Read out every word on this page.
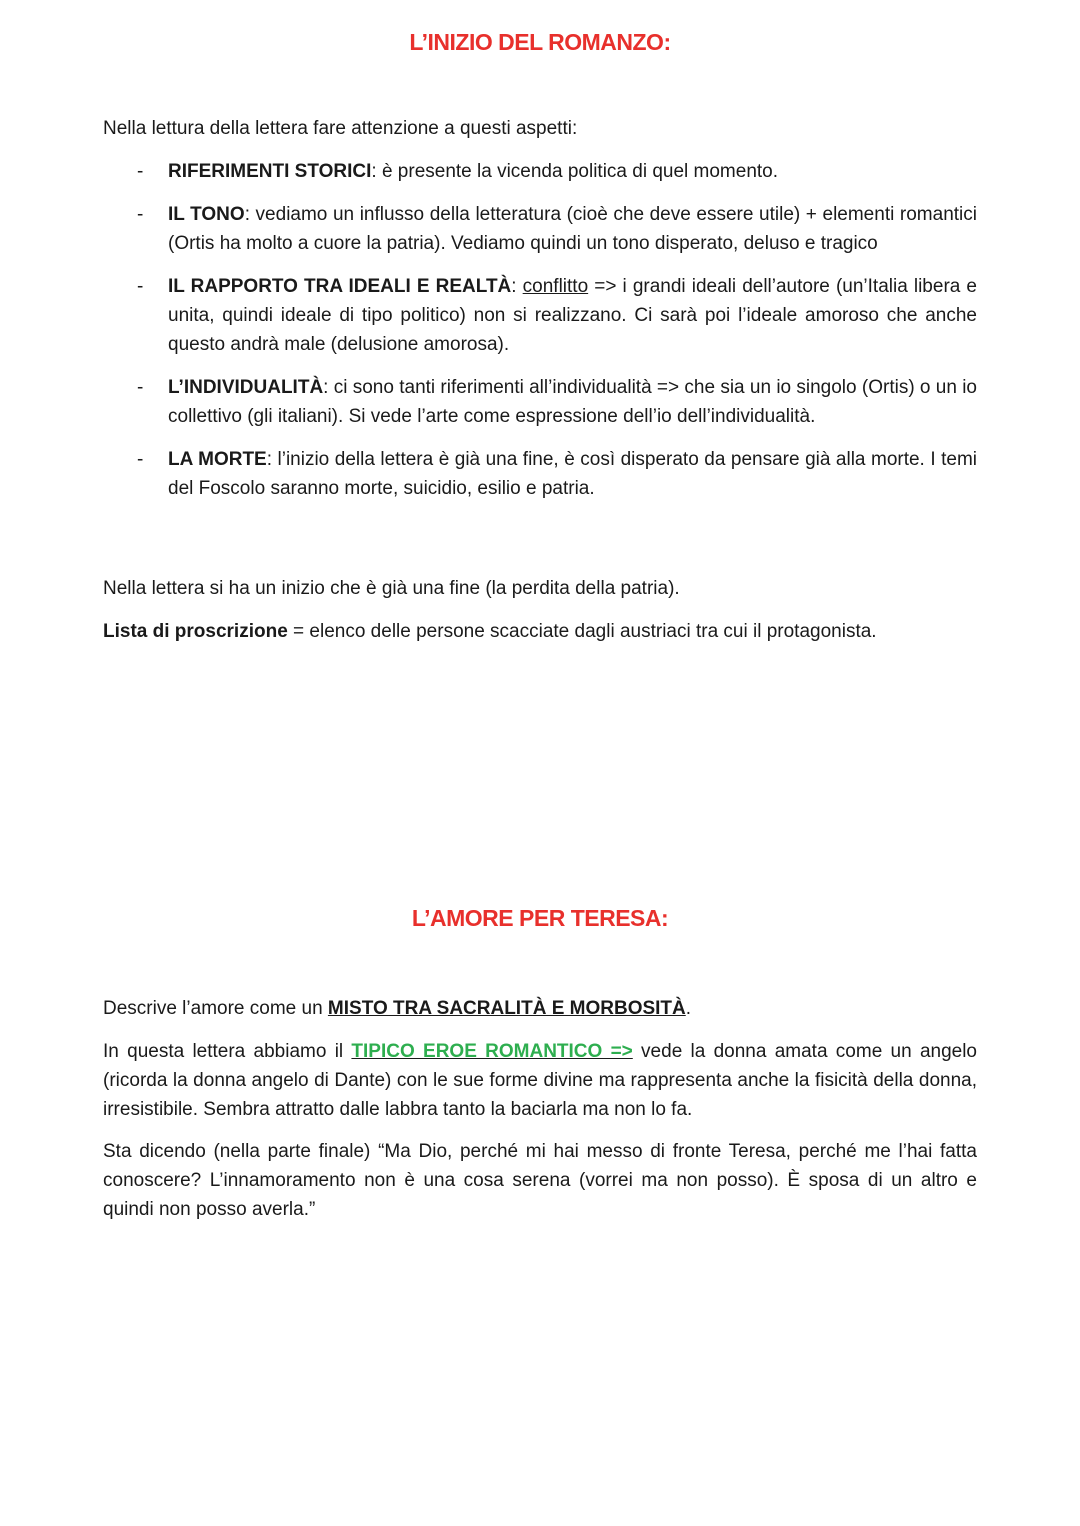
L’INIZIO DEL ROMANZO:
Nella lettura della lettera fare attenzione a questi aspetti:
- RIFERIMENTI STORICI: è presente la vicenda politica di quel momento.
- IL TONO: vediamo un influsso della letteratura (cioè che deve essere utile) + elementi romantici (Ortis ha molto a cuore la patria). Vediamo quindi un tono disperato, deluso e tragico
- IL RAPPORTO TRA IDEALI E REALTÀ: conflitto => i grandi ideali dell’autore (un’Italia libera e unita, quindi ideale di tipo politico) non si realizzano. Ci sarà poi l’ideale amoroso che anche questo andrà male (delusione amorosa).
- L’INDIVIDUALITÀ: ci sono tanti riferimenti all’individualità => che sia un io singolo (Ortis) o un io collettivo (gli italiani). Si vede l’arte come espressione dell’io dell’individualità.
- LA MORTE: l’inizio della lettera è già una fine, è così disperato da pensare già alla morte. I temi del Foscolo saranno morte, suicidio, esilio e patria.
Nella lettera si ha un inizio che è già una fine (la perdita della patria).
Lista di proscrizione = elenco delle persone scacciate dagli austriaci tra cui il protagonista.
L’AMORE PER TERESA:
Descrive l’amore come un MISTO TRA SACRALITÀ E MORBOSITÀ.
In questa lettera abbiamo il TIPICO EROE ROMANTICO => vede la donna amata come un angelo (ricorda la donna angelo di Dante) con le sue forme divine ma rappresenta anche la fisicità della donna, irresistibile. Sembra attratto dalle labbra tanto la baciarla ma non lo fa.
Sta dicendo (nella parte finale) “Ma Dio, perché mi hai messo di fronte Teresa, perché me l’hai fatta conoscere? L’innamoramento non è una cosa serena (vorrei ma non posso). È sposa di un altro e quindi non posso averla.”
